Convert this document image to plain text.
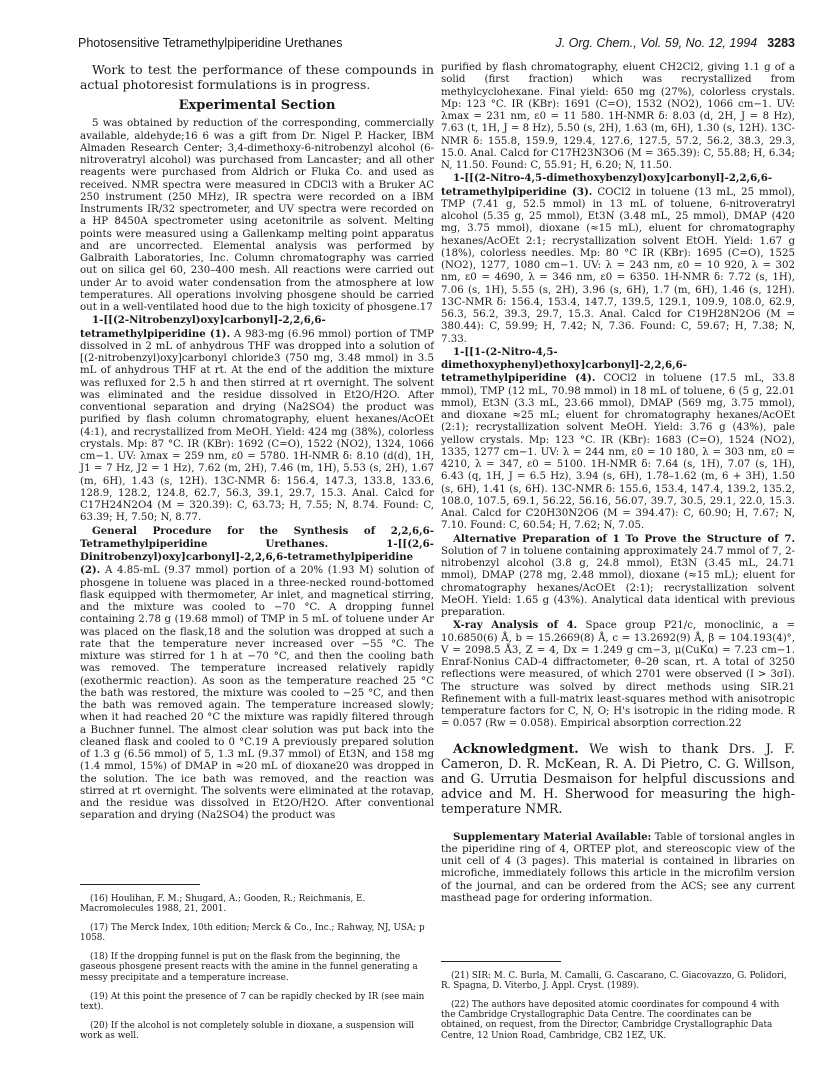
Photosensitive Tetramethylpiperidine Urethanes	J. Org. Chem., Vol. 59, No. 12, 1994 3283

Work to test the performance of these compounds in actual photoresist formulations is in progress.

Experimental Section

5 was obtained by reduction of the corresponding, commercially available, aldehyde;16 6 was a gift from Dr. Nigel P. Hacker, IBM Almaden Research Center; 3,4-dimethoxy-6-nitrobenzyl alcohol (6-nitroveratryl alcohol) was purchased from Lancaster; and all other reagents were purchased from Aldrich or Fluka Co. and used as received. NMR spectra were measured in CDCl3 with a Bruker AC 250 instrument (250 MHz), IR spectra were recorded on a IBM Instruments IR/32 spectrometer, and UV spectra were recorded on a HP 8450A spectrometer using acetonitrile as solvent. Melting points were measured using a Gallenkamp melting point apparatus and are uncorrected. Elemental analysis was performed by Galbraith Laboratories, Inc. Column chromatography was carried out on silica gel 60, 230–400 mesh. All reactions were carried out under Ar to avoid water condensation from the atmosphere at low temperatures. All operations involving phosgene should be carried out in a well-ventilated hood due to the high toxicity of phosgene.17

1-[[(2-Nitrobenzyl)oxy]carbonyl]-2,2,6,6-tetramethylpiperidine (1). A 983-mg (6.96 mmol) portion of TMP dissolved in 2 mL of anhydrous THF was dropped into a solution of [(2-nitrobenzyl)oxy]carbonyl chloride3 (750 mg, 3.48 mmol) in 3.5 mL of anhydrous THF at rt. At the end of the addition the mixture was refluxed for 2.5 h and then stirred at rt overnight. The solvent was eliminated and the residue dissolved in Et2O/H2O. After conventional separation and drying (Na2SO4) the product was purified by flash column chromatography, eluent hexanes/AcOEt (4:1), and recrystallized from MeOH. Yield: 424 mg (38%), colorless crystals. Mp: 87 °C. IR (KBr): 1692 (C=O), 1522 (NO2), 1324, 1066 cm−1. UV: λmax = 259 nm, ε0 = 5780. 1H-NMR δ: 8.10 (d(d), 1H, J1 = 7 Hz, J2 = 1 Hz), 7.62 (m, 2H), 7.46 (m, 1H), 5.53 (s, 2H), 1.67 (m, 6H), 1.43 (s, 12H). 13C-NMR δ: 156.4, 147.3, 133.8, 133.6, 128.9, 128.2, 124.8, 62.7, 56.3, 39.1, 29.7, 15.3. Anal. Calcd for C17H24N2O4 (M = 320.39): C, 63.73; H, 7.55; N, 8.74. Found: C, 63.39; H, 7.50; N, 8.77.

General Procedure for the Synthesis of 2,2,6,6-Tetramethylpiperidine Urethanes. 1-[[(2,6-Dinitrobenzyl)oxy]carbonyl]-2,2,6,6-tetramethylpiperidine (2). A 4.85-mL (9.37 mmol) portion of a 20% (1.93 M) solution of phosgene in toluene was placed in a three-necked round-bottomed flask equipped with thermometer, Ar inlet, and magnetical stirring, and the mixture was cooled to −70 °C. A dropping funnel containing 2.78 g (19.68 mmol) of TMP in 5 mL of toluene under Ar was placed on the flask,18 and the solution was dropped at such a rate that the temperature never increased over −55 °C. The mixture was stirred for 1 h at −70 °C, and then the cooling bath was removed. The temperature increased relatively rapidly (exothermic reaction). As soon as the temperature reached 25 °C the bath was restored, the mixture was cooled to −25 °C, and then the bath was removed again. The temperature increased slowly; when it had reached 20 °C the mixture was rapidly filtered through a Buchner funnel. The almost clear solution was put back into the cleaned flask and cooled to 0 °C.19 A previously prepared solution of 1.3 g (6.56 mmol) of 5, 1.3 mL (9.37 mmol) of Et3N, and 158 mg (1.4 mmol, 15%) of DMAP in ≈20 mL of dioxane20 was dropped in the solution. The ice bath was removed, and the reaction was stirred at rt overnight. The solvents were eliminated at the rotavap, and the residue was dissolved in Et2O/H2O. After conventional separation and drying (Na2SO4) the product was

(16) Houlihan, F. M.; Shugard, A.; Gooden, R.; Reichmanis, E. Macromolecules 1988, 21, 2001.

(17) The Merck Index, 10th edition; Merck & Co., Inc.; Rahway, NJ, USA; p 1058.

(18) If the dropping funnel is put on the flask from the beginning, the gaseous phosgene present reacts with the amine in the funnel generating a messy precipitate and a temperature increase.

(19) At this point the presence of 7 can be rapidly checked by IR (see main text).

(20) If the alcohol is not completely soluble in dioxane, a suspension will work as well.

purified by flash chromatography, eluent CH2Cl2, giving 1.1 g of a solid (first fraction) which was recrystallized from methylcyclohexane. Final yield: 650 mg (27%), colorless crystals. Mp: 123 °C. IR (KBr): 1691 (C=O), 1532 (NO2), 1066 cm−1. UV: λmax = 231 nm, ε0 = 11 580. 1H-NMR δ: 8.03 (d, 2H, J = 8 Hz), 7.63 (t, 1H, J = 8 Hz), 5.50 (s, 2H), 1.63 (m, 6H), 1.30 (s, 12H). 13C-NMR δ: 155.8, 159.9, 129.4, 127.6, 127.5, 57.2, 56.2, 38.3, 29.3, 15.0. Anal. Calcd for C17H23N3O6 (M = 365.39): C, 55.88; H, 6.34; N, 11.50. Found: C, 55.91; H, 6.20; N, 11.50.

1-[[(2-Nitro-4,5-dimethoxybenzyl)oxy]carbonyl]-2,2,6,6-tetramethylpiperidine (3). COCl2 in toluene (13 mL, 25 mmol), TMP (7.41 g, 52.5 mmol) in 13 mL of toluene, 6-nitroveratryl alcohol (5.35 g, 25 mmol), Et3N (3.48 mL, 25 mmol), DMAP (420 mg, 3.75 mmol), dioxane (≈15 mL), eluent for chromatography hexanes/AcOEt 2:1; recrystallization solvent EtOH. Yield: 1.67 g (18%), colorless needles. Mp: 80 °C IR (KBr): 1695 (C=O), 1525 (NO2), 1277, 1080 cm−1. UV: λ = 243 nm, ε0 = 10 920, λ = 302 nm, ε0 = 4690, λ = 346 nm, ε0 = 6350. 1H-NMR δ: 7.72 (s, 1H), 7.06 (s, 1H), 5.55 (s, 2H), 3.96 (s, 6H), 1.7 (m, 6H), 1.46 (s, 12H). 13C-NMR δ: 156.4, 153.4, 147.7, 139.5, 129.1, 109.9, 108.0, 62.9, 56.3, 56.2, 39.3, 29.7, 15.3. Anal. Calcd for C19H28N2O6 (M = 380.44): C, 59.99; H, 7.42; N, 7.36. Found: C, 59.67; H, 7.38; N, 7.33.

1-[[1-(2-Nitro-4,5-dimethoxyphenyl)ethoxy]carbonyl]-2,2,6,6-tetramethylpiperidine (4). COCl2 in toluene (17.5 mL, 33.8 mmol), TMP (12 mL, 70.98 mmol) in 18 mL of toluene, 6 (5 g, 22.01 mmol), Et3N (3.3 mL, 23.66 mmol), DMAP (569 mg, 3.75 mmol), and dioxane ≈25 mL; eluent for chromatography hexanes/AcOEt (2:1); recrystallization solvent MeOH. Yield: 3.76 g (43%), pale yellow crystals. Mp: 123 °C. IR (KBr): 1683 (C=O), 1524 (NO2), 1335, 1277 cm−1. UV: λ = 244 nm, ε0 = 10 180, λ = 303 nm, ε0 = 4210, λ = 347, ε0 = 5100. 1H-NMR δ: 7.64 (s, 1H), 7.07 (s, 1H), 6.43 (q, 1H, J = 6.5 Hz), 3.94 (s, 6H), 1.78–1.62 (m, 6 + 3H), 1.50 (s, 6H), 1.41 (s, 6H). 13C-NMR δ: 155.6, 153.4, 147.4, 139.2, 135.2, 108.0, 107.5, 69.1, 56.22, 56.16, 56.07, 39.7, 30.5, 29.1, 22.0, 15.3. Anal. Calcd for C20H30N2O6 (M = 394.47): C, 60.90; H, 7.67; N, 7.10. Found: C, 60.54; H, 7.62; N, 7.05.

Alternative Preparation of 1 To Prove the Structure of 7. Solution of 7 in toluene containing approximately 24.7 mmol of 7, 2-nitrobenzyl alcohol (3.8 g, 24.8 mmol), Et3N (3.45 mL, 24.71 mmol), DMAP (278 mg, 2.48 mmol), dioxane (≈15 mL); eluent for chromatography hexanes/AcOEt (2:1); recrystallization solvent MeOH. Yield: 1.65 g (43%). Analytical data identical with previous preparation.

X-ray Analysis of 4. Space group P21/c, monoclinic, a = 10.6850(6) Å, b = 15.2669(8) Å, c = 13.2692(9) Å, β = 104.193(4)°, V = 2098.5 Å3, Z = 4, Dx = 1.249 g cm−3, μ(CuKα) = 7.23 cm−1. Enraf-Nonius CAD-4 diffractometer, θ–2θ scan, rt. A total of 3250 reflections were measured, of which 2701 were observed (I > 3σI). The structure was solved by direct methods using SIR.21 Refinement with a full-matrix least-squares method with anisotropic temperature factors for C, N, O; H's isotropic in the riding mode. R = 0.057 (Rw = 0.058). Empirical absorption correction.22

Acknowledgment. We wish to thank Drs. J. F. Cameron, D. R. McKean, R. A. Di Pietro, C. G. Willson, and G. Urrutia Desmaison for helpful discussions and advice and M. H. Sherwood for measuring the high-temperature NMR.

Supplementary Material Available: Table of torsional angles in the piperidine ring of 4, ORTEP plot, and stereoscopic view of the unit cell of 4 (3 pages). This material is contained in libraries on microfiche, immediately follows this article in the microfilm version of the journal, and can be ordered from the ACS; see any current masthead page for ordering information.

(21) SIR: M. C. Burla, M. Camalli, G. Cascarano, C. Giacovazzo, G. Polidori, R. Spagna, D. Viterbo, J. Appl. Cryst. (1989).

(22) The authors have deposited atomic coordinates for compound 4 with the Cambridge Crystallographic Data Centre. The coordinates can be obtained, on request, from the Director, Cambridge Crystallographic Data Centre, 12 Union Road, Cambridge, CB2 1EZ, UK.
